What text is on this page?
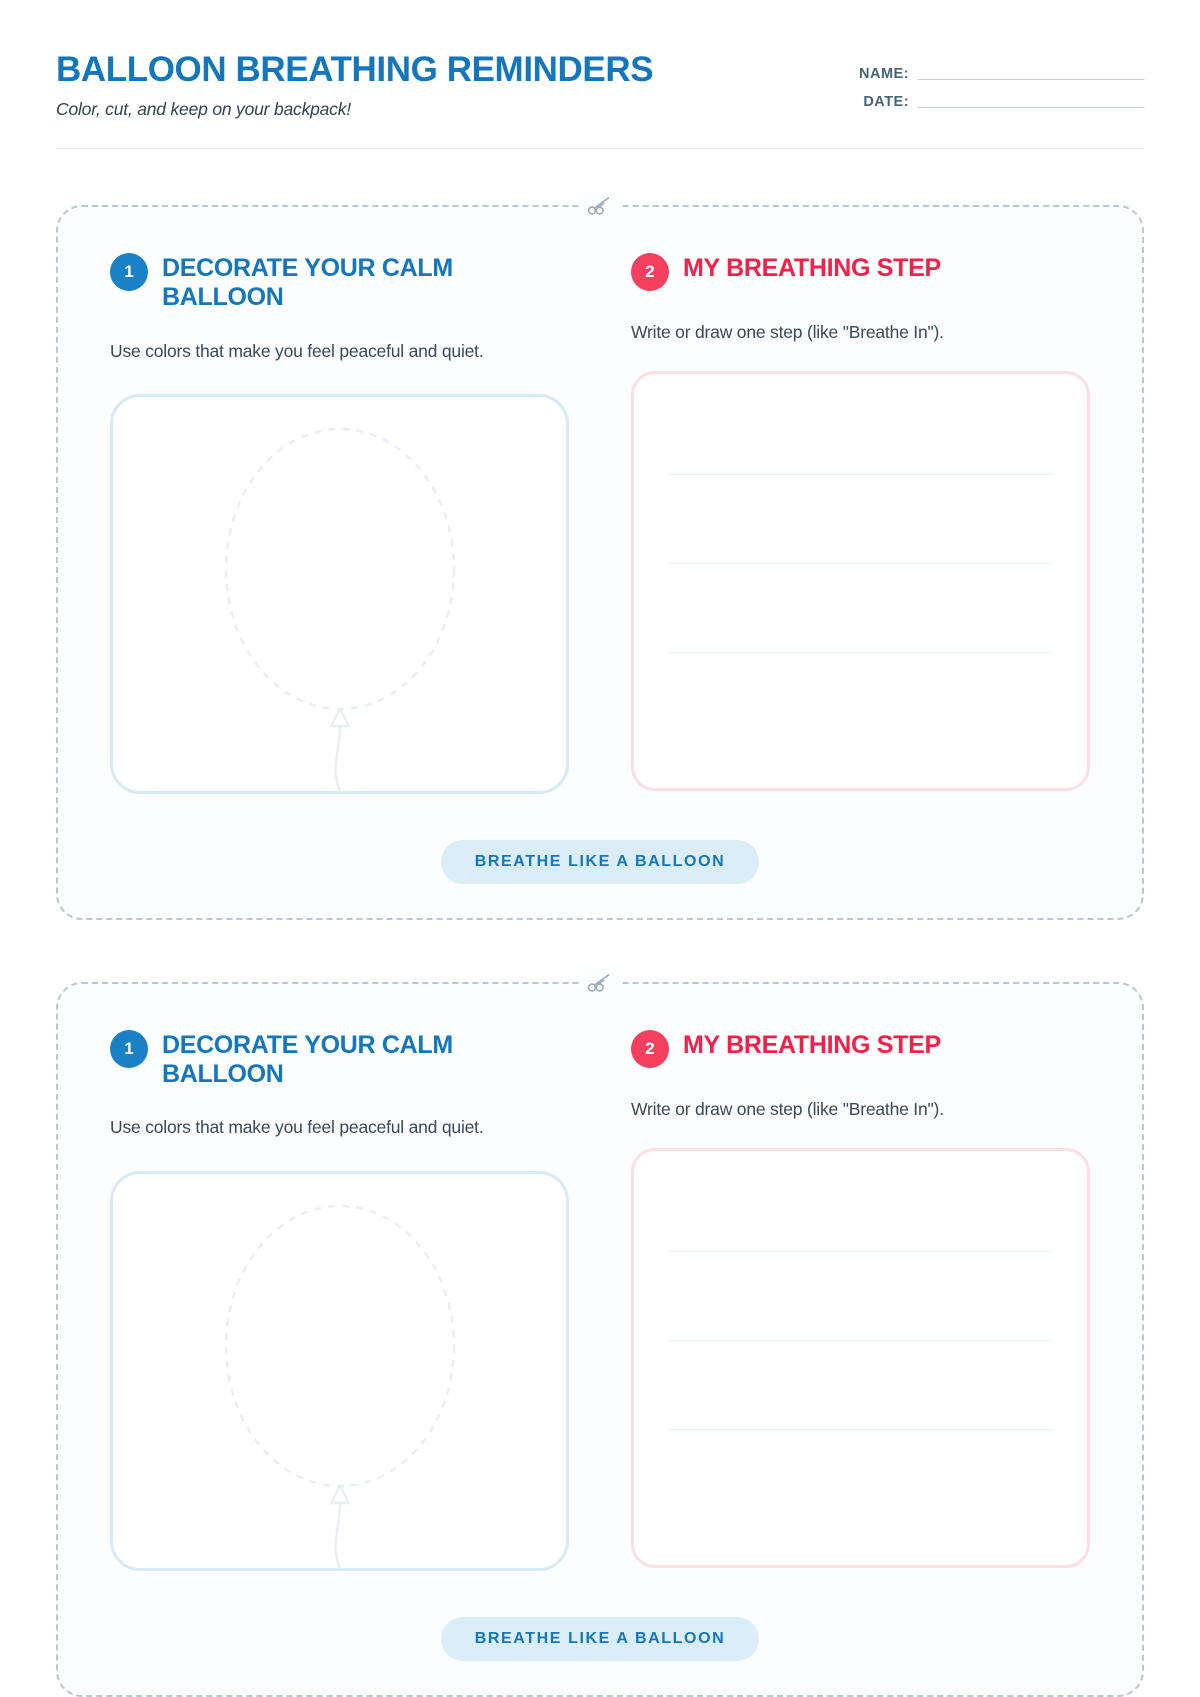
BALLOON BREATHING REMINDERS

Color, cut, and keep on your backpack!

NAME: ______________________________
DATE: ______________________________
1	DECORATE YOUR CALM BALLOON

Use colors that make you feel peaceful and quiet.

2	MY BREATHING STEP

Write or draw one step (like "Breathe In").

BREATHE LIKE A BALLOON
1	DECORATE YOUR CALM BALLOON

Use colors that make you feel peaceful and quiet.

2	MY BREATHING STEP

Write or draw one step (like "Breathe In").

BREATHE LIKE A BALLOON
